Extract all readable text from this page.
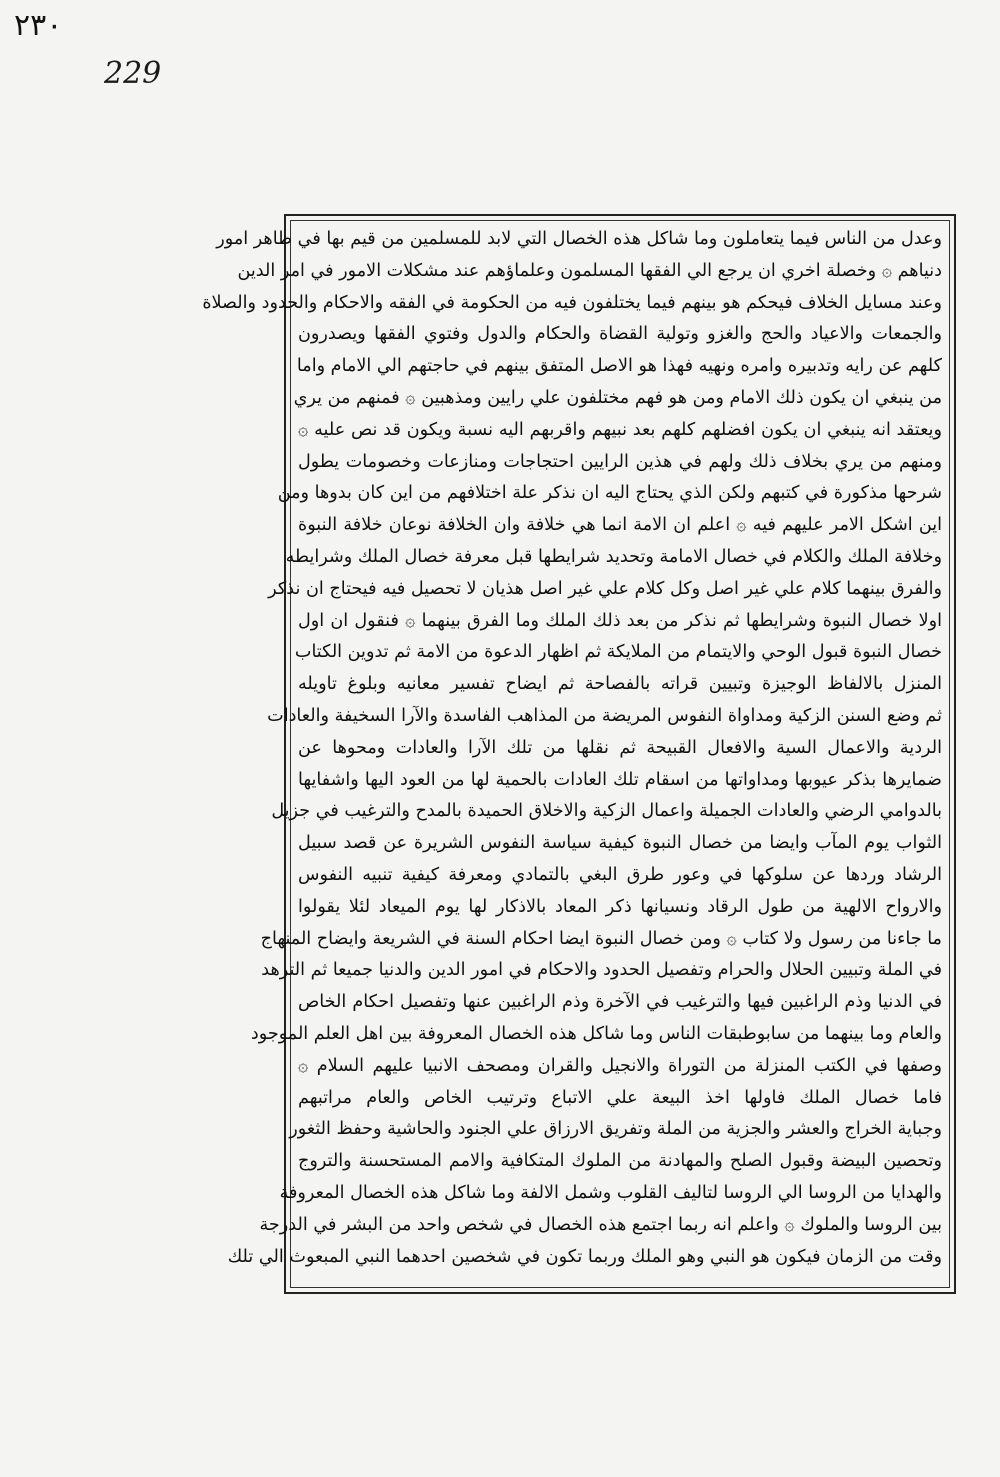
٢٣٠
229
وعدل من الناس فيما يتعاملون وما شاكل هذه الخصال التي لابد للمسلمين من قيم بها في ظاهر امور
دنياهم ۞ وخصلة اخري ان يرجع الي الفقها المسلمون وعلماؤهم عند مشكلات الامور في امر الدين
وعند مسايل الخلاف فيحكم هو بينهم فيما يختلفون فيه من الحكومة في الفقه والاحكام والحدود والصلاة
والجمعات والاعياد والحج والغزو وتولية القضاة والحكام والدول وفتوي الفقها ويصدرون
كلهم عن رايه وتدبيره وامره ونهيه فهذا هو الاصل المتفق بينهم في حاجتهم الي الامام واما
من ينبغي ان يكون ذلك الامام ومن هو فهم مختلفون علي رايين ومذهبين ۞ فمنهم من يري
ويعتقد انه ينبغي ان يكون افضلهم كلهم بعد نبيهم واقربهم اليه نسبة ويكون قد نص عليه ۞
ومنهم من يري بخلاف ذلك ولهم في هذين الرايين احتجاجات ومنازعات وخصومات يطول
شرحها مذكورة في كتبهم ولكن الذي يحتاج اليه ان نذكر علة اختلافهم من اين كان بدوها ومن
اين اشكل الامر عليهم فيه ۞ اعلم ان الامة انما هي خلافة وان الخلافة نوعان خلافة النبوة
وخلافة الملك والكلام في خصال الامامة وتحديد شرايطها قبل معرفة خصال الملك وشرايطه
والفرق بينهما كلام علي غير اصل وكل كلام علي غير اصل هذيان لا تحصيل فيه فيحتاج ان نذكر
اولا خصال النبوة وشرايطها ثم نذكر من بعد ذلك الملك وما الفرق بينهما ۞ فنقول ان اول
خصال النبوة قبول الوحي والايتمام من الملايكة ثم اظهار الدعوة من الامة ثم تدوين الكتاب
المنزل بالالفاظ الوجيزة وتبيين قراته بالفصاحة ثم ايضاح تفسير معانيه وبلوغ تاويله
ثم وضع السنن الزكية ومداواة النفوس المريضة من المذاهب الفاسدة والآرا السخيفة والعادات
الردية والاعمال السية والافعال القبيحة ثم نقلها من تلك الآرا والعادات ومحوها عن
ضمايرها بذكر عيوبها ومداواتها من اسقام تلك العادات بالحمية لها من العود اليها واشفايها
بالدوامي الرضي والعادات الجميلة واعمال الزكية والاخلاق الحميدة بالمدح والترغيب في جزيل
الثواب يوم المآب وايضا من خصال النبوة كيفية سياسة النفوس الشريرة عن قصد سبيل
الرشاد وردها عن سلوكها في وعور طرق البغي بالتمادي ومعرفة كيفية تنبيه النفوس
والارواح الالهية من طول الرقاد ونسيانها ذكر المعاد بالاذكار لها يوم الميعاد لئلا يقولوا
ما جاءنا من رسول ولا كتاب ۞ ومن خصال النبوة ايضا احكام السنة في الشريعة وايضاح المنهاج
في الملة وتبيين الحلال والحرام وتفصيل الحدود والاحكام في امور الدين والدنيا جميعا ثم الترهد
في الدنيا وذم الراغبين فيها والترغيب في الآخرة وذم الراغبين عنها وتفصيل احكام الخاص
والعام وما بينهما من سابوطبقات الناس وما شاكل هذه الخصال المعروفة بين اهل العلم الموجود
وصفها في الكتب المنزلة من التوراة والانجيل والقران ومصحف الانبيا عليهم السلام ۞
فاما خصال الملك فاولها اخذ البيعة علي الاتباع وترتيب الخاص والعام مراتبهم
وجباية الخراج والعشر والجزية من الملة وتفريق الارزاق علي الجنود والحاشية وحفظ الثغور
وتحصين البيضة وقبول الصلح والمهادنة من الملوك المتكافية والامم المستحسنة والتروج
والهدايا من الروسا الي الروسا لتاليف القلوب وشمل الالفة وما شاكل هذه الخصال المعروفة
بين الروسا والملوك ۞ واعلم انه ربما اجتمع هذه الخصال في شخص واحد من البشر في الدرجة
وقت من الزمان فيكون هو النبي وهو الملك وربما تكون في شخصين احدهما النبي المبعوث الي تلك
